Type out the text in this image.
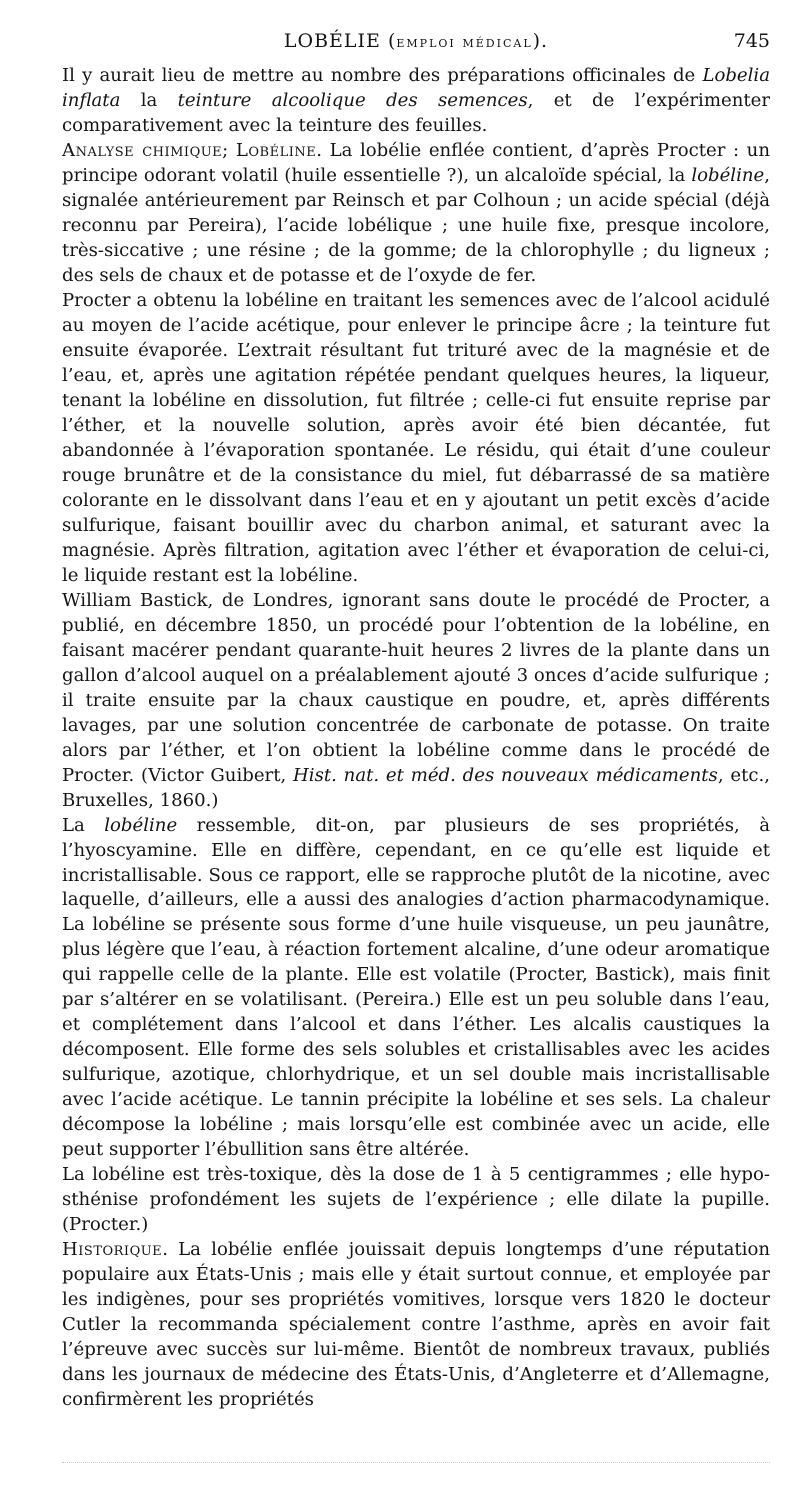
LOBÉLIE (emploi médical).	745

Il y aurait lieu de mettre au nombre des préparations officinales de Lobelia inflata la teinture alcoolique des semences, et de l’expérimenter comparativement avec la teinture des feuilles.

Analyse chimique; Lobéline. La lobélie enflée contient, d’après Procter : un principe odorant volatil (huile essentielle ?), un alcaloïde spécial, la lobéline, signalée antérieurement par Reinsch et par Colhoun ; un acide spécial (déjà reconnu par Pereira), l’acide lobélique ; une huile fixe, presque incolore, très-siccative ; une résine ; de la gomme; de la chlorophylle ; du ligneux ; des sels de chaux et de potasse et de l’oxyde de fer.

Procter a obtenu la lobéline en traitant les semences avec de l’alcool acidulé au moyen de l’acide acétique, pour enlever le principe âcre ; la teinture fut ensuite évaporée. L’extrait résultant fut trituré avec de la magnésie et de l’eau, et, après une agitation répétée pendant quelques heures, la liqueur, tenant la lobéline en dissolution, fut filtrée ; celle-ci fut ensuite reprise par l’éther, et la nouvelle solution, après avoir été bien décantée, fut abandonnée à l’évaporation spontanée. Le résidu, qui était d’une couleur rouge brunâtre et de la consistance du miel, fut débarrassé de sa matière colorante en le dissolvant dans l’eau et en y ajoutant un petit excès d’acide sulfurique, faisant bouillir avec du charbon animal, et saturant avec la magnésie. Après filtration, agitation avec l’éther et évaporation de celui-ci, le liquide restant est la lobéline.

William Bastick, de Londres, ignorant sans doute le procédé de Procter, a publié, en décembre 1850, un procédé pour l’obtention de la lobéline, en faisant macérer pendant quarante-huit heures 2 livres de la plante dans un gallon d’alcool auquel on a préalablement ajouté 3 onces d’acide sulfurique ; il traite ensuite par la chaux caustique en poudre, et, après différents lavages, par une solution concentrée de carbonate de potasse. On traite alors par l’éther, et l’on obtient la lobéline comme dans le procédé de Procter. (Victor Guibert, Hist. nat. et méd. des nouveaux médicaments, etc., Bruxelles, 1860.)

La lobéline ressemble, dit-on, par plusieurs de ses propriétés, à l’hyoscyamine. Elle en diffère, cependant, en ce qu’elle est liquide et incristallisable. Sous ce rapport, elle se rapproche plutôt de la nicotine, avec laquelle, d’ailleurs, elle a aussi des analogies d’action pharmacodynamique. La lobéline se présente sous forme d’une huile visqueuse, un peu jaunâtre, plus légère que l’eau, à réaction fortement alcaline, d’une odeur aromatique qui rappelle celle de la plante. Elle est volatile (Procter, Bastick), mais finit par s’altérer en se volatilisant. (Pereira.) Elle est un peu soluble dans l’eau, et complétement dans l’alcool et dans l’éther. Les alcalis caustiques la décomposent. Elle forme des sels solubles et cristallisables avec les acides sulfurique, azotique, chlorhydrique, et un sel double mais incristallisable avec l’acide acétique. Le tannin précipite la lobéline et ses sels. La chaleur décompose la lobéline ; mais lorsqu’elle est combinée avec un acide, elle peut supporter l’ébullition sans être altérée.

La lobéline est très-toxique, dès la dose de 1 à 5 centigrammes ; elle hyposthénise profondément les sujets de l’expérience ; elle dilate la pupille. (Procter.)

Historique. La lobélie enflée jouissait depuis longtemps d’une réputation populaire aux États-Unis ; mais elle y était surtout connue, et employée par les indigènes, pour ses propriétés vomitives, lorsque vers 1820 le docteur Cutler la recommanda spécialement contre l’asthme, après en avoir fait l’épreuve avec succès sur lui-même. Bientôt de nombreux travaux, publiés dans les journaux de médecine des États-Unis, d’Angleterre et d’Allemagne, confirmèrent les propriétés
